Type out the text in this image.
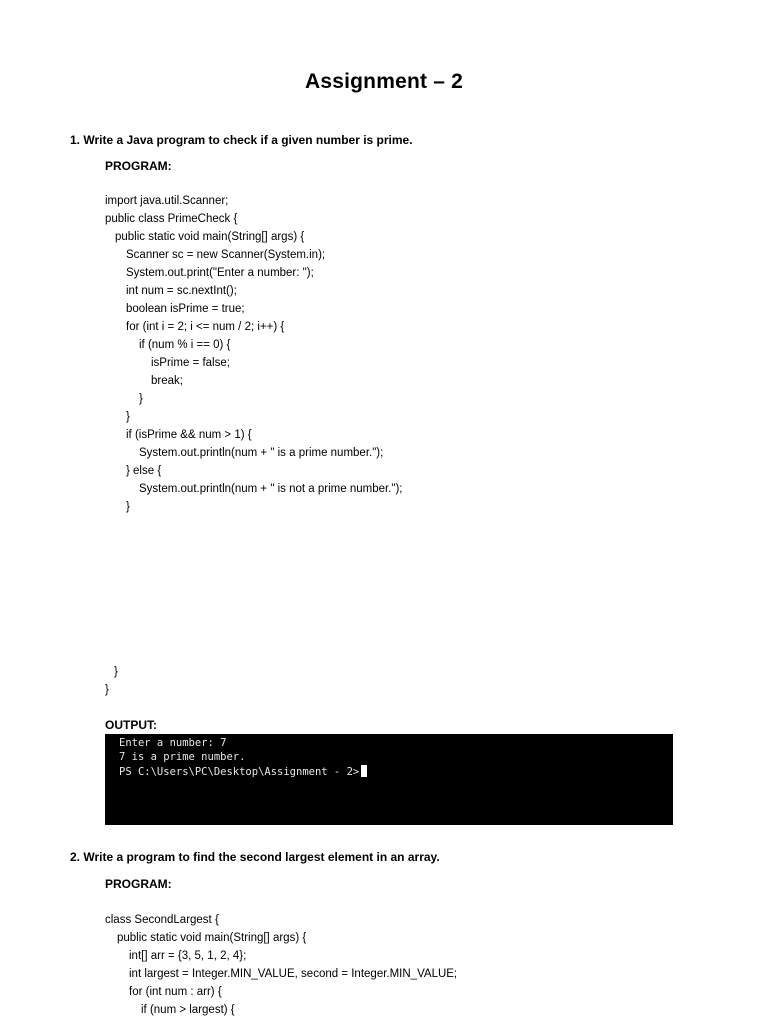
Assignment – 2
1. Write a Java program to check if a given number is prime.
PROGRAM:
import java.util.Scanner;
public class PrimeCheck {
public static void main(String[] args) {
Scanner sc = new Scanner(System.in);
System.out.print("Enter a number: ");
int num = sc.nextInt();
boolean isPrime = true;
for (int i = 2; i <= num / 2; i++) {
if (num % i == 0) {
isPrime = false;
break;
}
}
if (isPrime && num > 1) {
System.out.println(num + " is a prime number.");
} else {
System.out.println(num + " is not a prime number.");
}
}
}
OUTPUT:
Enter a number: 7
7 is a prime number.
PS C:\Users\PC\Desktop\Assignment - 2>
2. Write a program to find the second largest element in an array.
PROGRAM:
class SecondLargest {
public static void main(String[] args) {
int[] arr = {3, 5, 1, 2, 4};
int largest = Integer.MIN_VALUE, second = Integer.MIN_VALUE;
for (int num : arr) {
if (num > largest) {
